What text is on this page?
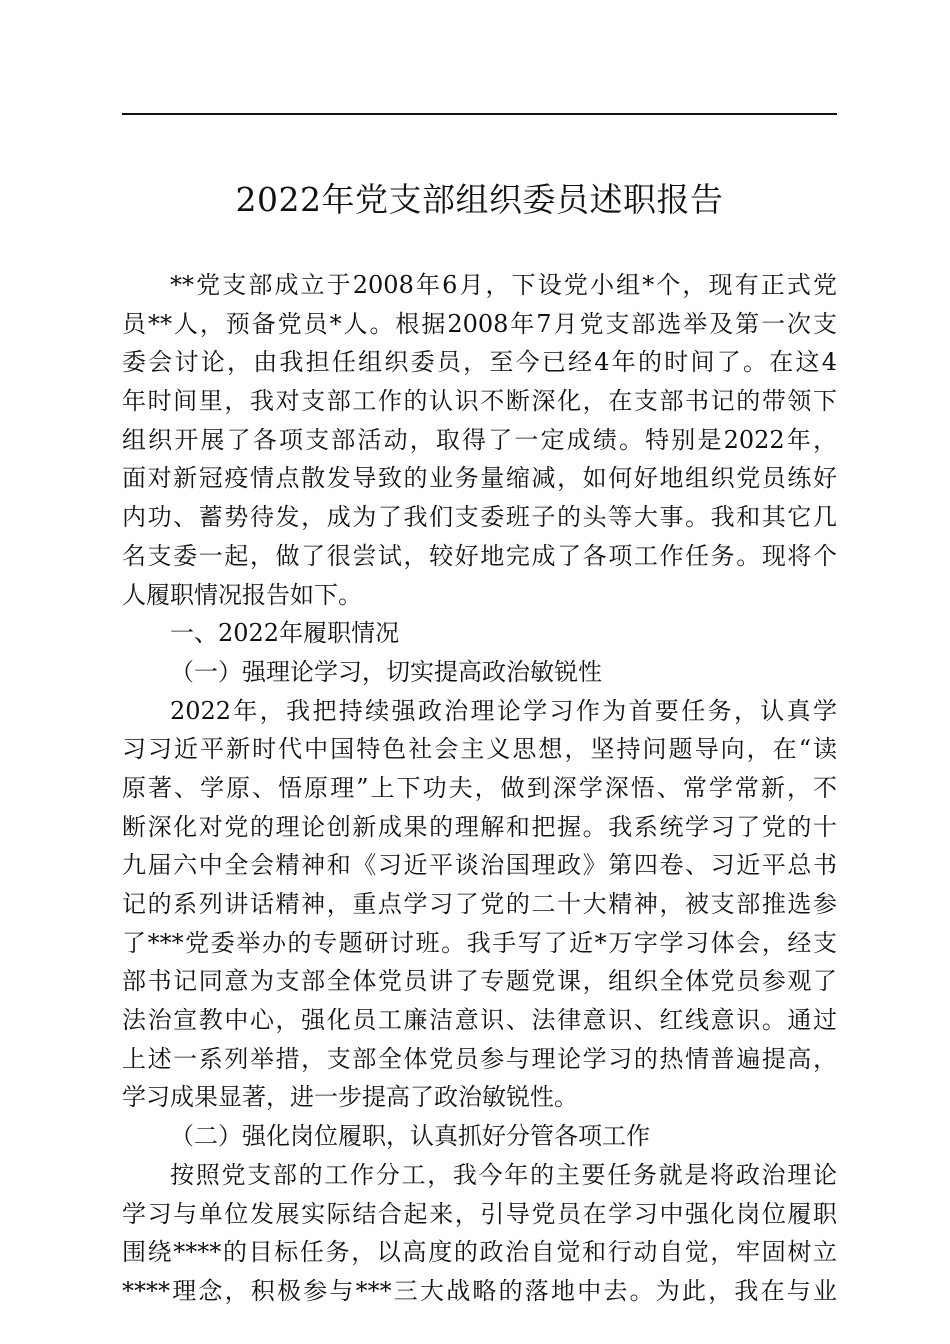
2022年党支部组织委员述职报告
**党支部成立于2008年6月，下设党小组*个，现有正式党
员**人，预备党员*人。根据2008年7月党支部选举及第一次支
委会讨论，由我担任组织委员，至今已经4年的时间了。在这4
年时间里，我对支部工作的认识不断深化，在支部书记的带领下
组织开展了各项支部活动，取得了一定成绩。特别是2022年，
面对新冠疫情点散发导致的业务量缩减，如何好地组织党员练好
内功、蓄势待发，成为了我们支委班子的头等大事。我和其它几
名支委一起，做了很尝试，较好地完成了各项工作任务。现将个
人履职情况报告如下。
一、2022年履职情况
（一）强理论学习，切实提高政治敏锐性
2022年，我把持续强政治理论学习作为首要任务，认真学
习习近平新时代中国特色社会主义思想，坚持问题导向，在“读
原著、学原、悟原理”上下功夫，做到深学深悟、常学常新，不
断深化对党的理论创新成果的理解和把握。我系统学习了党的十
九届六中全会精神和《习近平谈治国理政》第四卷、习近平总书
记的系列讲话精神，重点学习了党的二十大精神，被支部推选参
了***党委举办的专题研讨班。我手写了近*万字学习体会，经支
部书记同意为支部全体党员讲了专题党课，组织全体党员参观了
法治宣教中心，强化员工廉洁意识、法律意识、红线意识。通过
上述一系列举措，支部全体党员参与理论学习的热情普遍提高，
学习成果显著，进一步提高了政治敏锐性。
（二）强化岗位履职，认真抓好分管各项工作
按照党支部的工作分工，我今年的主要任务就是将政治理论
学习与单位发展实际结合起来，引导党员在学习中强化岗位履职
围绕****的目标任务，以高度的政治自觉和行动自觉，牢固树立
****理念，积极参与***三大战略的落地中去。为此，我在与业
